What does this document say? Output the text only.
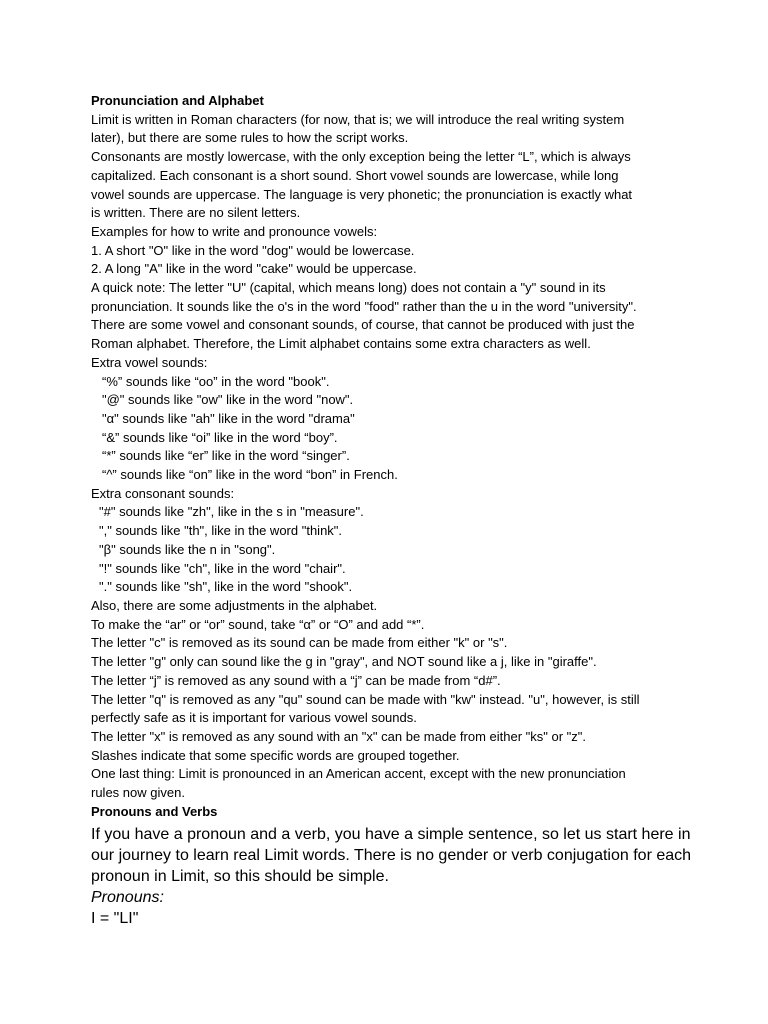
Pronunciation and Alphabet
Limit is written in Roman characters (for now, that is; we will introduce the real writing system
later), but there are some rules to how the script works.
Consonants are mostly lowercase, with the only exception being the letter “L”, which is always
capitalized. Each consonant is a short sound. Short vowel sounds are lowercase, while long
vowel sounds are uppercase. The language is very phonetic; the pronunciation is exactly what
is written. There are no silent letters.
Examples for how to write and pronounce vowels:
1. A short "O" like in the word "dog" would be lowercase.
2. A long "A" like in the word "cake" would be uppercase.
A quick note: The letter "U" (capital, which means long) does not contain a "y" sound in its
pronunciation. It sounds like the o's in the word "food" rather than the u in the word "university".
There are some vowel and consonant sounds, of course, that cannot be produced with just the
Roman alphabet. Therefore, the Limit alphabet contains some extra characters as well.
Extra vowel sounds:
“%” sounds like “oo” in the word "book".
"@" sounds like "ow" like in the word "now".
"α" sounds like "ah" like in the word "drama"
“&” sounds like “oi” like in the word “boy”.
“*” sounds like “er” like in the word “singer”.
“^” sounds like “on” like in the word “bon” in French.
Extra consonant sounds:
"#" sounds like "zh", like in the s in "measure".
"," sounds like "th", like in the word "think".
"β" sounds like the n in "song".
"!" sounds like "ch", like in the word "chair".
"." sounds like "sh", like in the word "shook".
Also, there are some adjustments in the alphabet.
To make the “ar” or “or” sound, take “α” or “O” and add “*”.
The letter "c" is removed as its sound can be made from either "k" or "s".
The letter "g" only can sound like the g in "gray", and NOT sound like a j, like in "giraffe".
The letter “j” is removed as any sound with a “j” can be made from “d#”.
The letter "q" is removed as any "qu" sound can be made with "kw" instead. "u", however, is still
perfectly safe as it is important for various vowel sounds.
The letter "x" is removed as any sound with an "x" can be made from either "ks" or "z".
Slashes indicate that some specific words are grouped together.
One last thing: Limit is pronounced in an American accent, except with the new pronunciation
rules now given.
Pronouns and Verbs
If you have a pronoun and a verb, you have a simple sentence, so let us start here in
our journey to learn real Limit words. There is no gender or verb conjugation for each
pronoun in Limit, so this should be simple.
Pronouns:
I = "LI"
